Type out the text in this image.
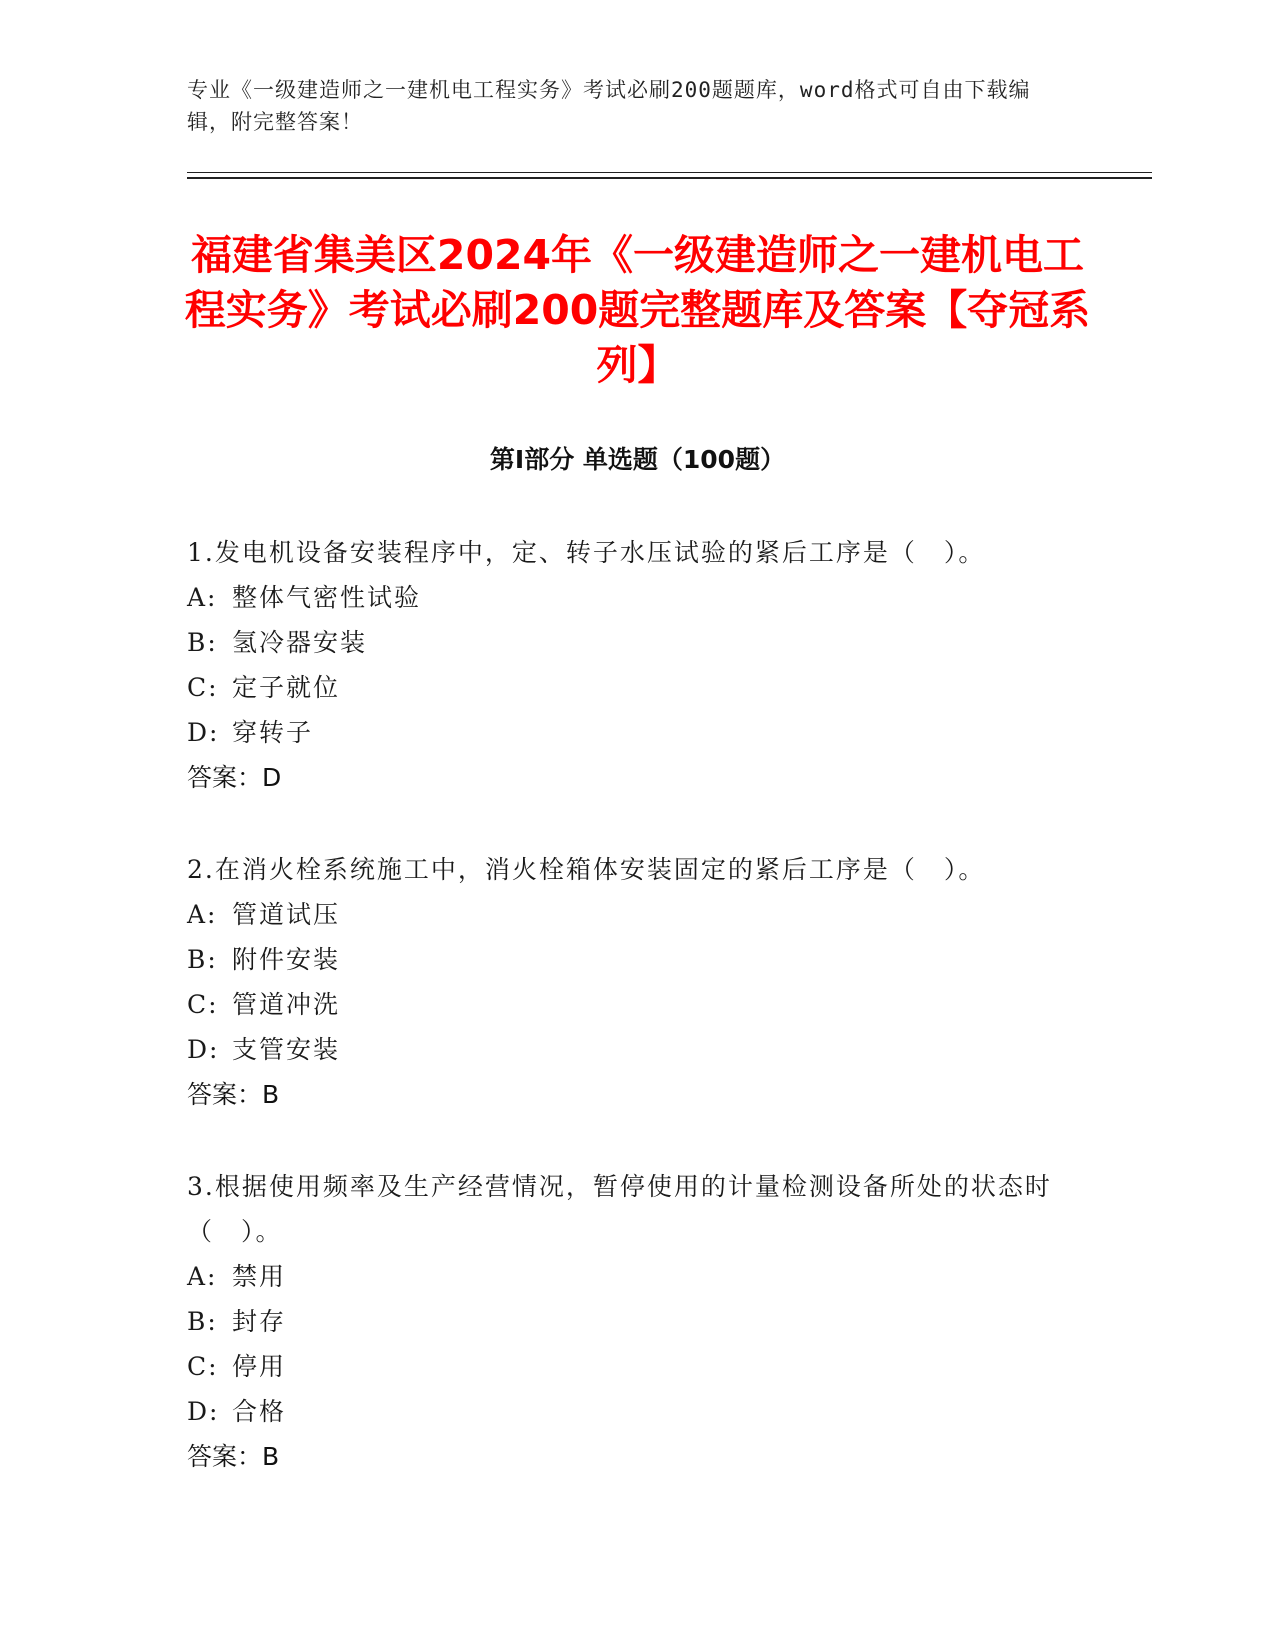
专业《一级建造师之一建机电工程实务》考试必刷200题题库，word格式可自由下载编辑，附完整答案！
福建省集美区2024年《一级建造师之一建机电工程实务》考试必刷200题完整题库及答案【夺冠系列】
第I部分 单选题（100题）
1.发电机设备安装程序中，定、转子水压试验的紧后工序是（　）。
A: 整体气密性试验
B: 氢冷器安装
C: 定子就位
D: 穿转子
答案：D
2.在消火栓系统施工中，消火栓箱体安装固定的紧后工序是（　）。
A: 管道试压
B: 附件安装
C: 管道冲洗
D: 支管安装
答案：B
3.根据使用频率及生产经营情况，暂停使用的计量检测设备所处的状态时（　）。
A: 禁用
B: 封存
C: 停用
D: 合格
答案：B
